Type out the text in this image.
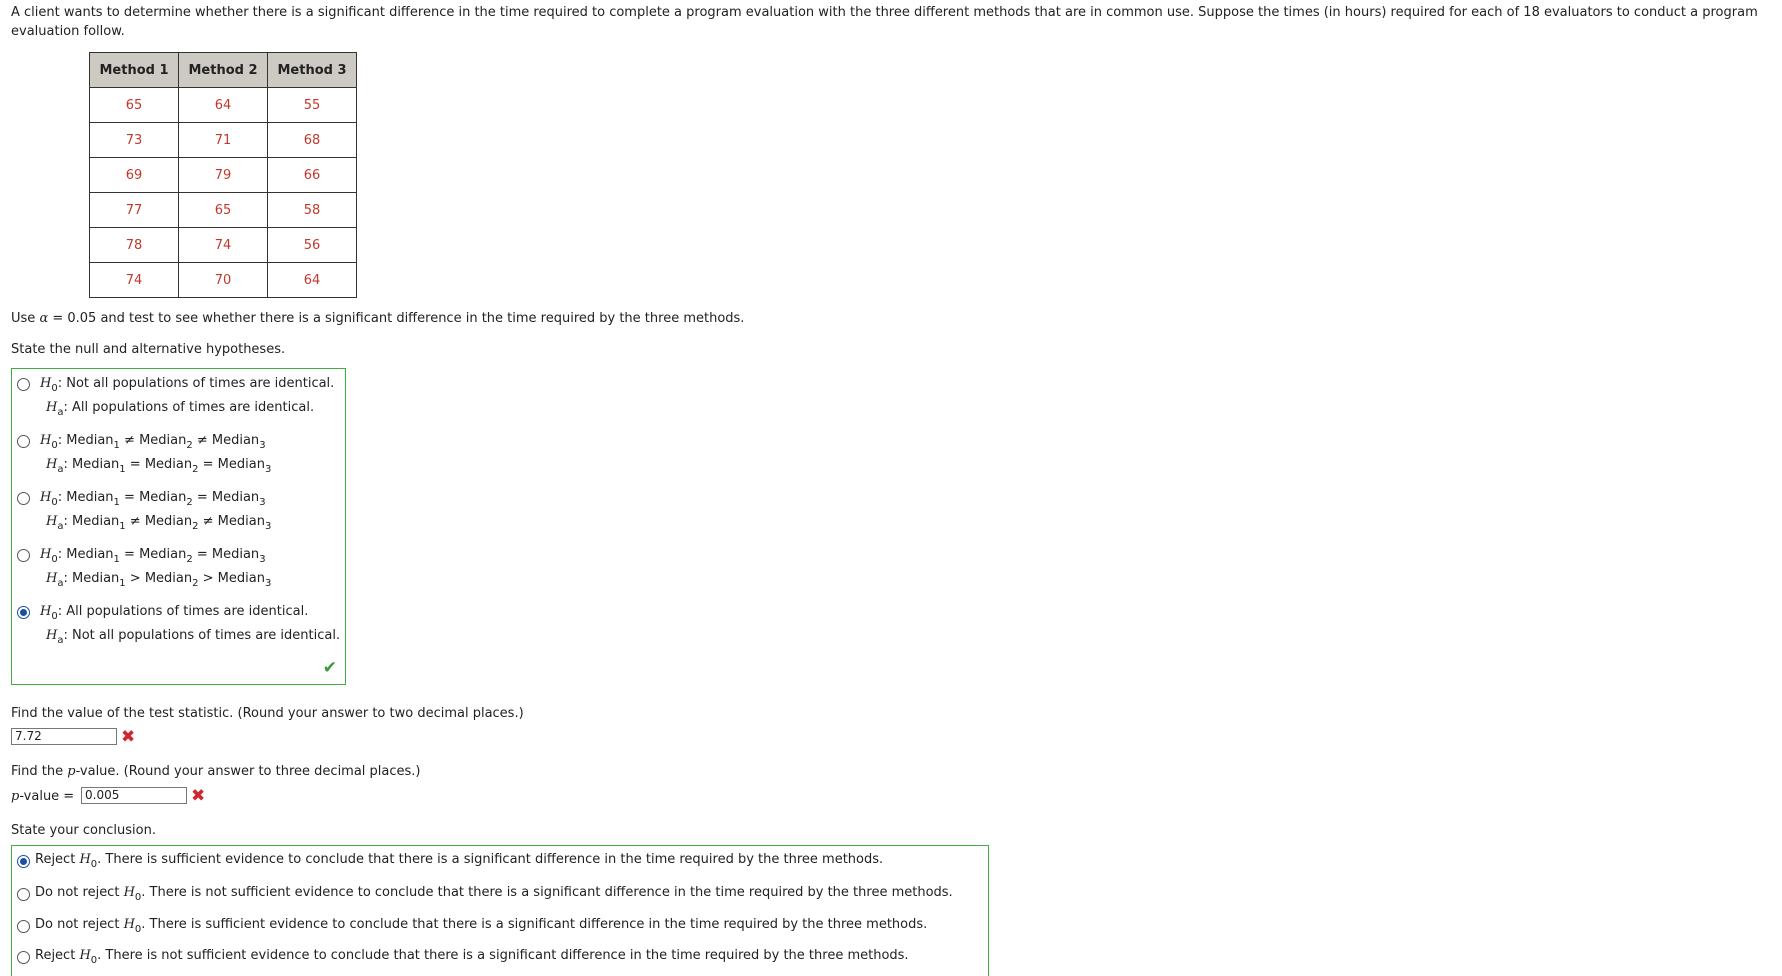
A client wants to determine whether there is a significant difference in the time required to complete a program evaluation with the three different methods that are in common use. Suppose the times (in hours) required for each of 18 evaluators to conduct a program evaluation follow.

Method 1	Method 2	Method 3
65	64	55
73	71	68
69	79	66
77	65	58
78	74	56
74	70	64

Use α = 0.05 and test to see whether there is a significant difference in the time required by the three methods.

State the null and alternative hypotheses.

$H_0$: Not all populations of times are identical.
$H_a$: All populations of times are identical.
$H_0$: Median$_1$ ≠ Median$_2$ ≠ Median$_3$
$H_a$: Median$_1$ = Median$_2$ = Median$_3$
$H_0$: Median$_1$ = Median$_2$ = Median$_3$
$H_a$: Median$_1$ ≠ Median$_2$ ≠ Median$_3$
$H_0$: Median$_1$ = Median$_2$ = Median$_3$
$H_a$: Median$_1$ > Median$_2$ > Median$_3$
$H_0$: All populations of times are identical.
$H_a$: Not all populations of times are identical.
✔

Find the value of the test statistic. (Round your answer to two decimal places.)

7.72	✖

Find the p-value. (Round your answer to three decimal places.)

p-value = 0.005	✖

State your conclusion.

Reject $H_0$. There is sufficient evidence to conclude that there is a significant difference in the time required by the three methods.
Do not reject $H_0$. There is not sufficient evidence to conclude that there is a significant difference in the time required by the three methods.
Do not reject $H_0$. There is sufficient evidence to conclude that there is a significant difference in the time required by the three methods.
Reject $H_0$. There is not sufficient evidence to conclude that there is a significant difference in the time required by the three methods.
